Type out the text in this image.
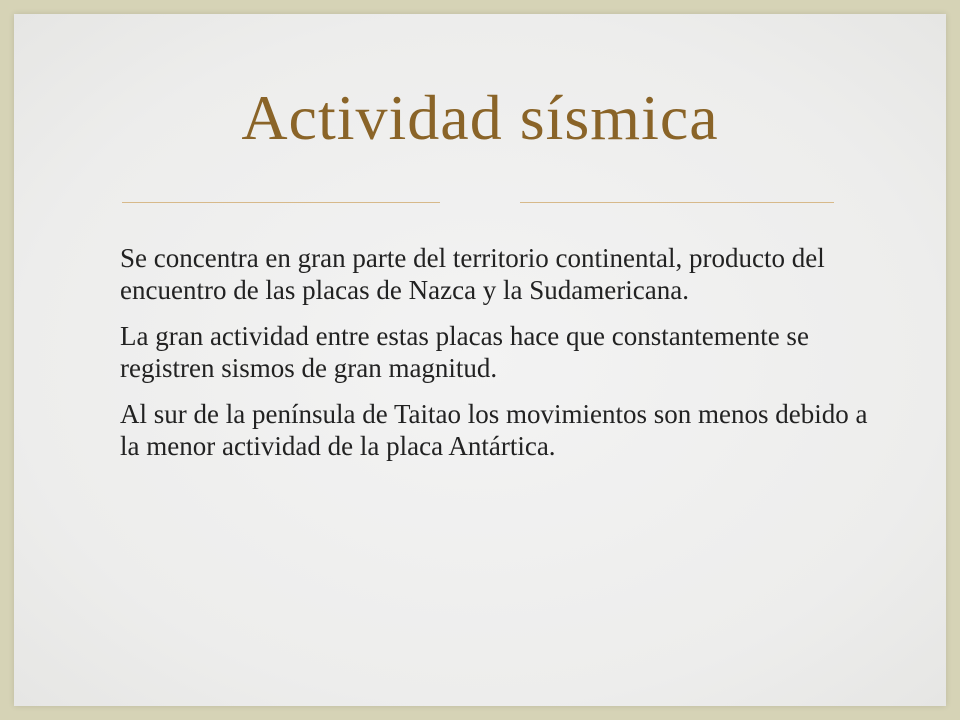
Actividad sísmica
Se concentra en gran parte del territorio continental, producto del encuentro de las placas de Nazca y la Sudamericana.
La gran actividad entre estas placas hace que constantemente se registren sismos de gran magnitud.
Al sur de la península de Taitao los movimientos son menos debido a la menor actividad de la placa Antártica.
